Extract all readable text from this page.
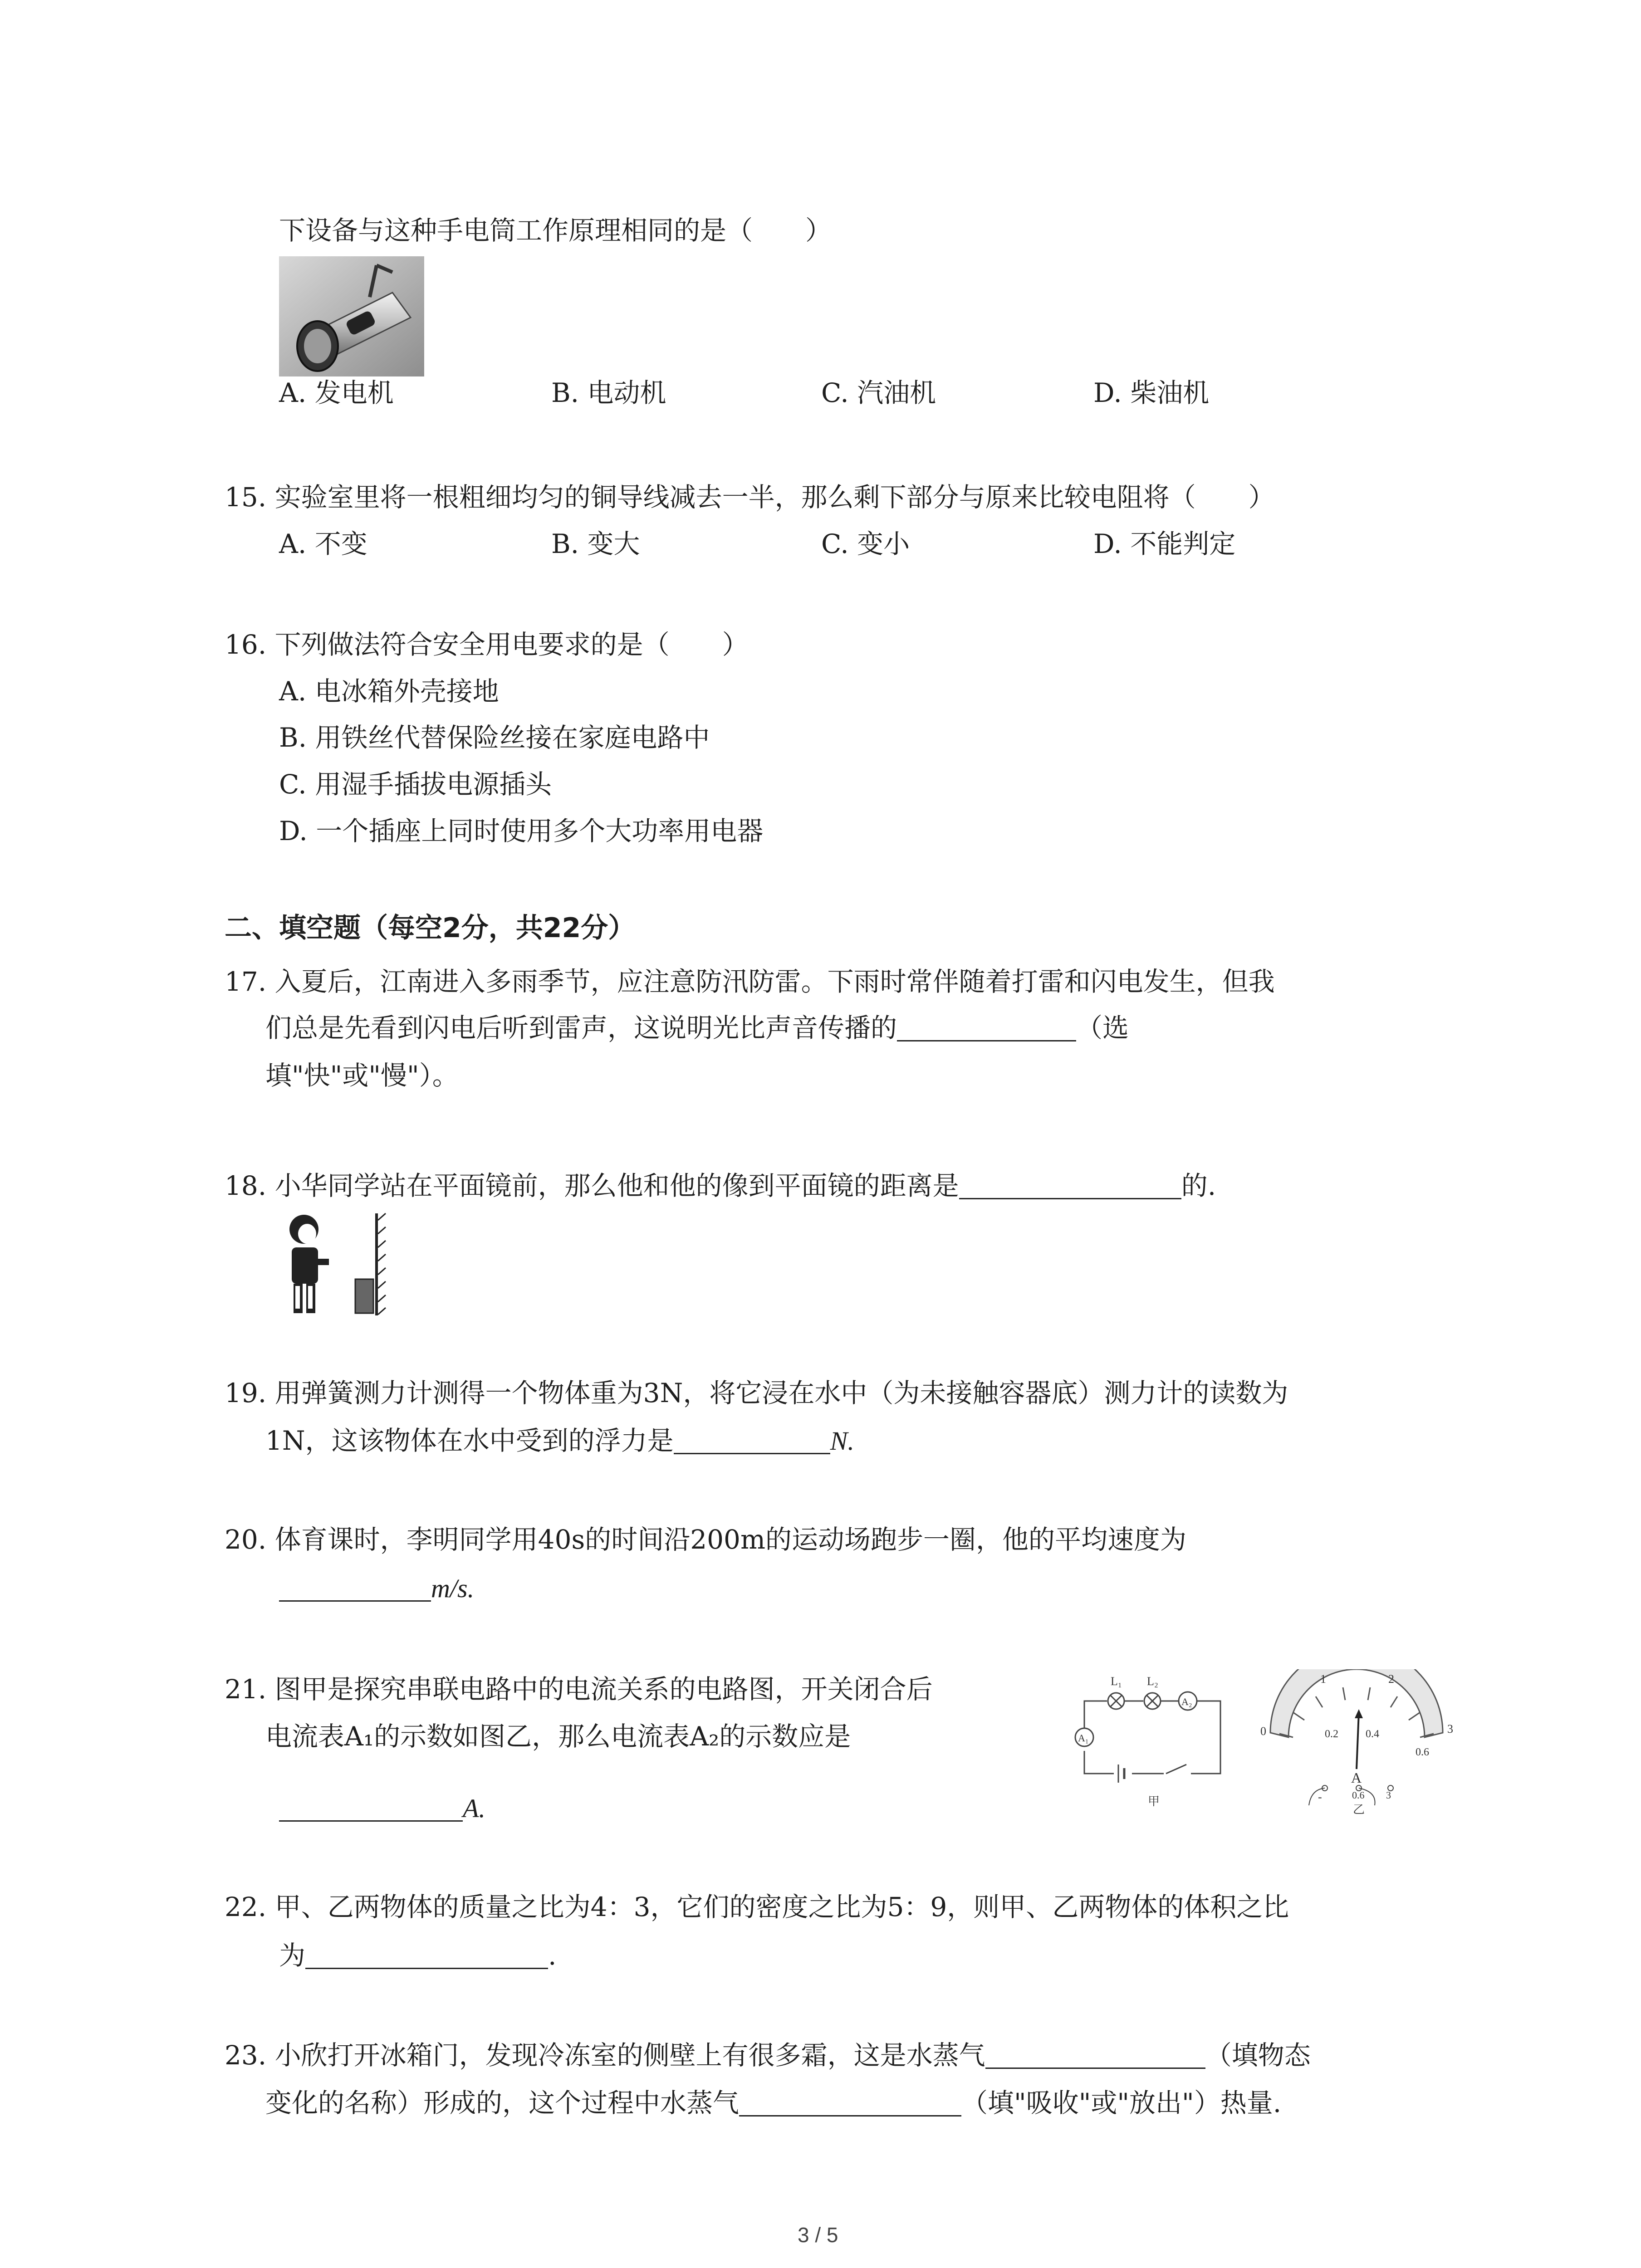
下设备与这种手电筒工作原理相同的是（　　）
A. 发电机	B. 电动机	C. 汽油机	D. 柴油机
15. 实验室里将一根粗细均匀的铜导线减去一半，那么剩下部分与原来比较电阻将（　　）
A. 不变	B. 变大	C. 变小	D. 不能判定
16. 下列做法符合安全用电要求的是（　　）
A. 电冰箱外壳接地
B. 用铁丝代替保险丝接在家庭电路中
C. 用湿手插拔电源插头
D. 一个插座上同时使用多个大功率用电器
二、填空题（每空2分，共22分）
17. 入夏后，江南进入多雨季节，应注意防汛防雷。下雨时常伴随着打雷和闪电发生，但我
们总是先看到闪电后听到雷声，这说明光比声音传播的	（选
填"快"或"慢"）。
18. 小华同学站在平面镜前，那么他和他的像到平面镜的距离是	的.
19. 用弹簧测力计测得一个物体重为3N，将它浸在水中（为未接触容器底）测力计的读数为
1N，这该物体在水中受到的浮力是	N.
20. 体育课时，李明同学用40s的时间沿200m的运动场跑步一圈，他的平均速度为
m/s.
21. 图甲是探究串联电路中的电流关系的电路图，开关闭合后
电流表A₁的示数如图乙，那么电流表A₂的示数应是
A.
L₁ L₂
A₂
A₁
甲
0
1	2
3
0.2	0.4
0.6
A
-	0.6 3
乙
22. 甲、乙两物体的质量之比为4：3，它们的密度之比为5：9，则甲、乙两物体的体积之比
为	.
23. 小欣打开冰箱门，发现冷冻室的侧壁上有很多霜，这是水蒸气	（填物态
变化的名称）形成的，这个过程中水蒸气	（填"吸收"或"放出"）热量.
3 / 5
